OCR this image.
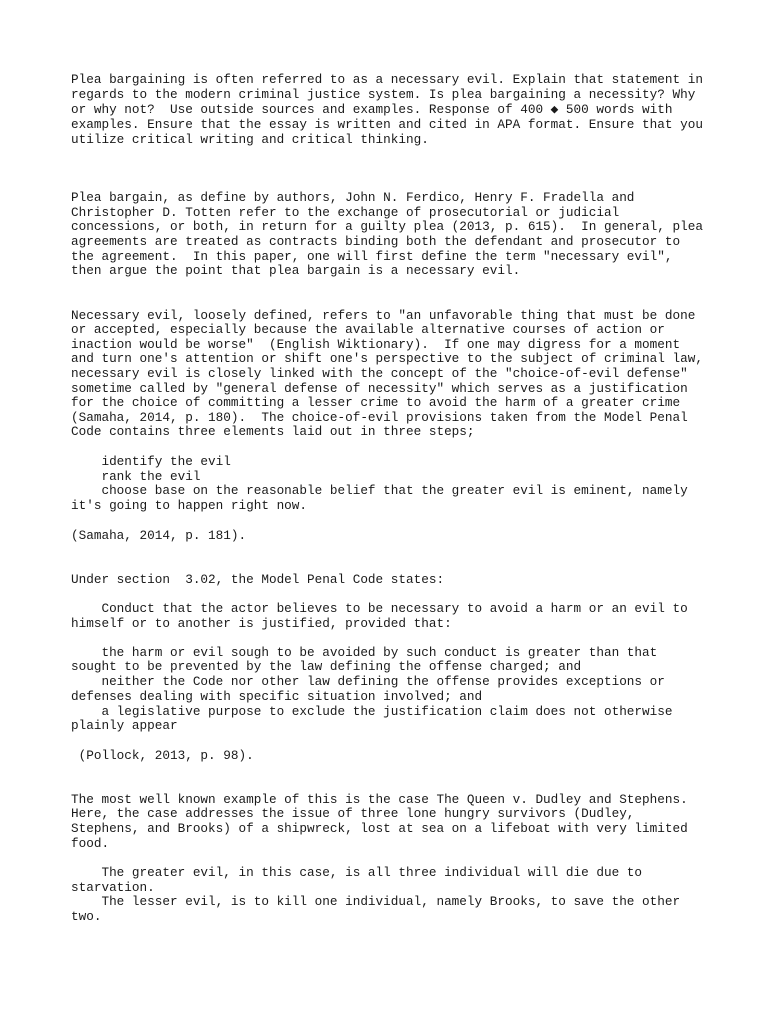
Plea bargaining is often referred to as a necessary evil. Explain that statement in

regards to the modern criminal justice system. Is plea bargaining a necessity? Why

or why not?  Use outside sources and examples. Response of 400 ◆ 500 words with

examples. Ensure that the essay is written and cited in APA format. Ensure that you

utilize critical writing and critical thinking.

Plea bargain, as define by authors, John N. Ferdico, Henry F. Fradella and

Christopher D. Totten refer to the exchange of prosecutorial or judicial

concessions, or both, in return for a guilty plea (2013, p. 615).  In general, plea

agreements are treated as contracts binding both the defendant and prosecutor to

the agreement.  In this paper, one will first define the term "necessary evil",

then argue the point that plea bargain is a necessary evil.

Necessary evil, loosely defined, refers to "an unfavorable thing that must be done

or accepted, especially because the available alternative courses of action or

inaction would be worse"  (English Wiktionary).  If one may digress for a moment

and turn one's attention or shift one's perspective to the subject of criminal law,

necessary evil is closely linked with the concept of the "choice-of-evil defense"

sometime called by "general defense of necessity" which serves as a justification

for the choice of committing a lesser crime to avoid the harm of a greater crime

(Samaha, 2014, p. 180).  The choice-of-evil provisions taken from the Model Penal

Code contains three elements laid out in three steps;

identify the evil

rank the evil

choose base on the reasonable belief that the greater evil is eminent, namely

it's going to happen right now.

(Samaha, 2014, p. 181).

Under section  3.02, the Model Penal Code states:

Conduct that the actor believes to be necessary to avoid a harm or an evil to

himself or to another is justified, provided that:

the harm or evil sough to be avoided by such conduct is greater than that

sought to be prevented by the law defining the offense charged; and

neither the Code nor other law defining the offense provides exceptions or

defenses dealing with specific situation involved; and

a legislative purpose to exclude the justification claim does not otherwise

plainly appear

(Pollock, 2013, p. 98).

The most well known example of this is the case The Queen v. Dudley and Stephens.

Here, the case addresses the issue of three lone hungry survivors (Dudley,

Stephens, and Brooks) of a shipwreck, lost at sea on a lifeboat with very limited

food.

The greater evil, in this case, is all three individual will die due to

starvation.

The lesser evil, is to kill one individual, namely Brooks, to save the other

two.
